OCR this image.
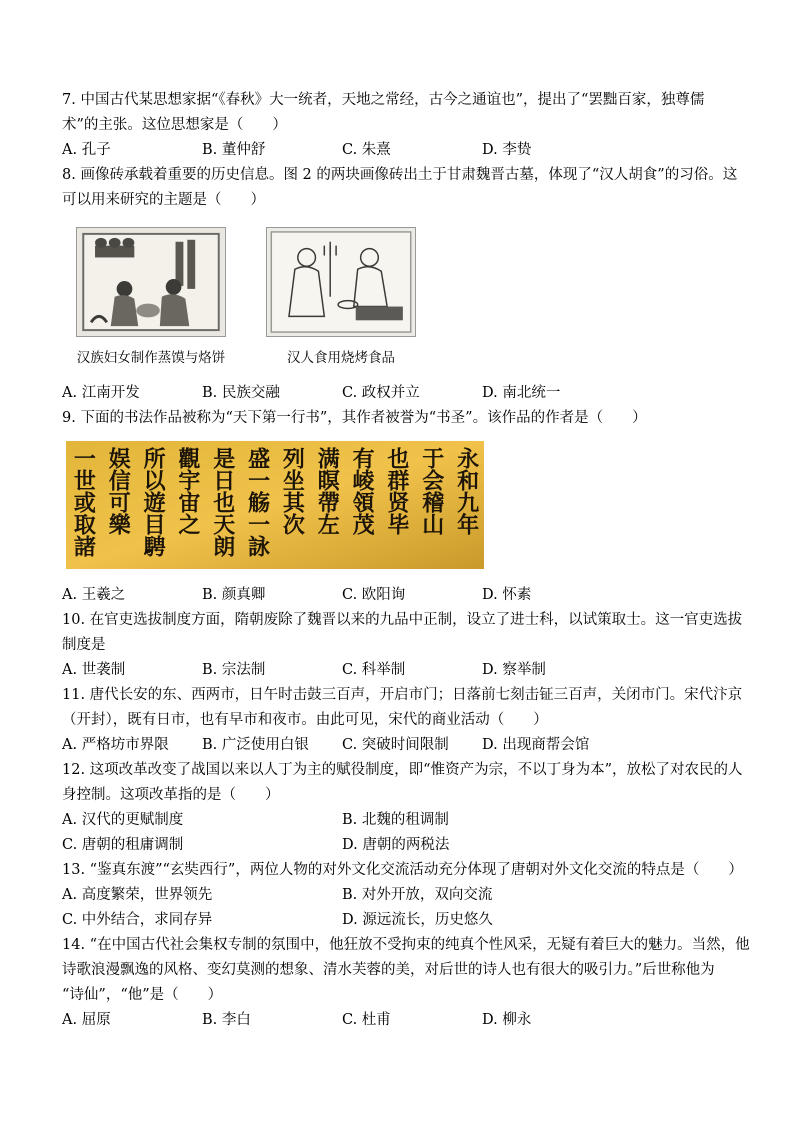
7. 中国古代某思想家据“《春秋》大一统者，天地之常经，古今之通谊也”，提出了“罢黜百家，独尊儒
术”的主张。这位思想家是（　　）
A. 孔子	B. 董仲舒	C. 朱熹	D. 李贽
8. 画像砖承载着重要的历史信息。图 2 的两块画像砖出土于甘肃魏晋古墓，体现了“汉人胡食”的习俗。这
可以用来研究的主题是（　　）
汉族妇女制作蒸馍与烙饼	汉人食用烧烤食品
A. 江南开发	B. 民族交融	C. 政权并立	D. 南北统一
9. 下面的书法作品被称为“天下第一行书”，其作者被誉为“书圣”。该作品的作者是（　　）
永和九年
于会稽山
也群贤毕
有崚領茂
满瞑帶左
列坐其次
盛一觞一詠
是日也天朗
觀宇宙之
所以遊目騁
娱信可樂
一世或取諸
A. 王羲之	B. 颜真卿	C. 欧阳询	D. 怀素
10. 在官吏选拔制度方面，隋朝废除了魏晋以来的九品中正制，设立了进士科，以试策取士。这一官吏选拔
制度是
A. 世袭制	B. 宗法制	C. 科举制	D. 察举制
11. 唐代长安的东、西两市，日午时击鼓三百声，开启市门；日落前七刻击钲三百声，关闭市门。宋代汴京
（开封），既有日市，也有早市和夜市。由此可见，宋代的商业活动（　　）
A. 严格坊市界限	B. 广泛使用白银	C. 突破时间限制	D. 出现商帮会馆
12. 这项改革改变了战国以来以人丁为主的赋役制度，即“惟资产为宗，不以丁身为本”，放松了对农民的人
身控制。这项改革指的是（　　）
A. 汉代的更赋制度	B. 北魏的租调制
C. 唐朝的租庸调制	D. 唐朝的两税法
13. “鉴真东渡”“玄奘西行”，两位人物的对外文化交流活动充分体现了唐朝对外文化交流的特点是（　　）
A. 高度繁荣，世界领先	B. 对外开放，双向交流
C. 中外结合，求同存异	D. 源远流长，历史悠久
14. “在中国古代社会集权专制的氛围中，他狂放不受拘束的纯真个性风采，无疑有着巨大的魅力。当然，他
诗歌浪漫飘逸的风格、变幻莫测的想象、清水芙蓉的美，对后世的诗人也有很大的吸引力。”后世称他为
“诗仙”，“他”是（　　）
A. 屈原	B. 李白	C. 杜甫	D. 柳永
